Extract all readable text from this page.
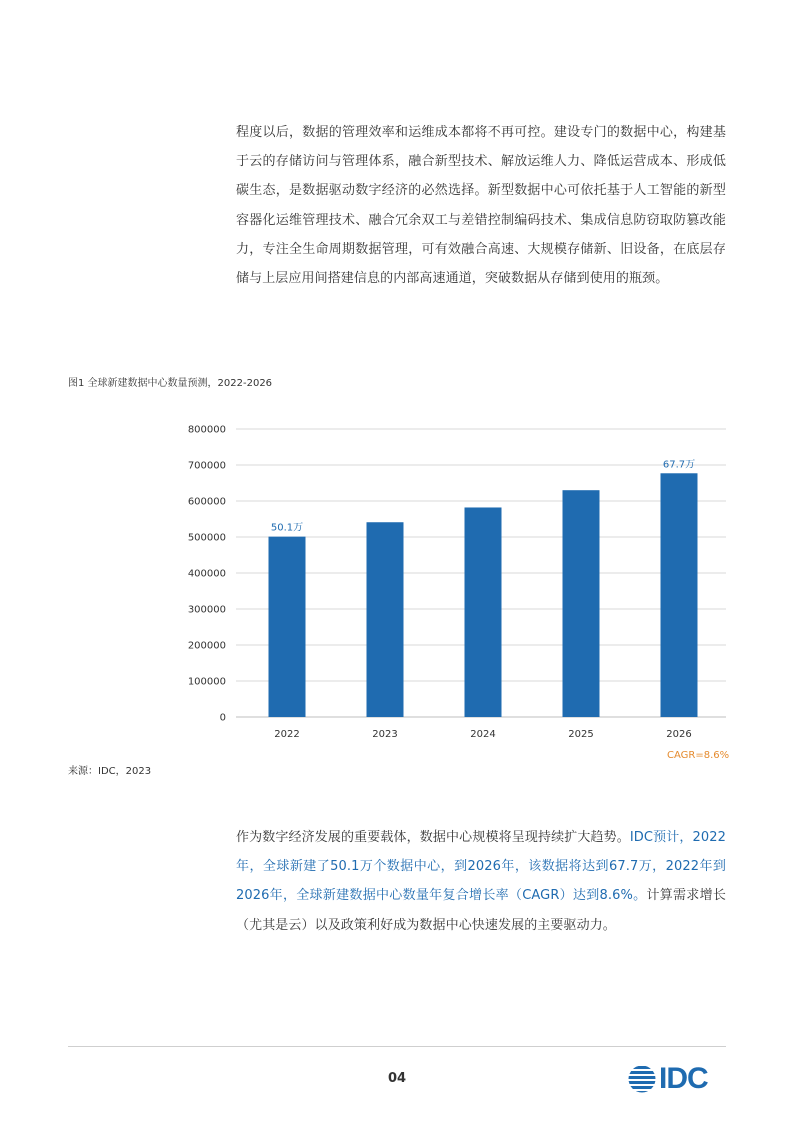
程度以后，数据的管理效率和运维成本都将不再可控。建设专门的数据中心，构建基于云的存储访问与管理体系，融合新型技术、解放运维人力、降低运营成本、形成低碳生态，是数据驱动数字经济的必然选择。新型数据中心可依托基于人工智能的新型容器化运维管理技术、融合冗余双工与差错控制编码技术、集成信息防窃取防篡改能力，专注全生命周期数据管理，可有效融合高速、大规模存储新、旧设备，在底层存储与上层应用间搭建信息的内部高速通道，突破数据从存储到使用的瓶颈。

图1 全球新建数据中心数量预测，2022-2026
0
100000
200000
300000
400000
500000
600000
700000
800000
2022	2023	2024	2025	2026
50.1万
67.7万
来源：IDC，2023
CAGR=8.6%

作为数字经济发展的重要载体，数据中心规模将呈现持续扩大趋势。IDC预计，2022年，全球新建了50.1万个数据中心，到2026年，该数据将达到67.7万，2022年到2026年，全球新建数据中心数量年复合增长率（CAGR）达到8.6%。计算需求增长（尤其是云）以及政策利好成为数据中心快速发展的主要驱动力。

04	IDC
